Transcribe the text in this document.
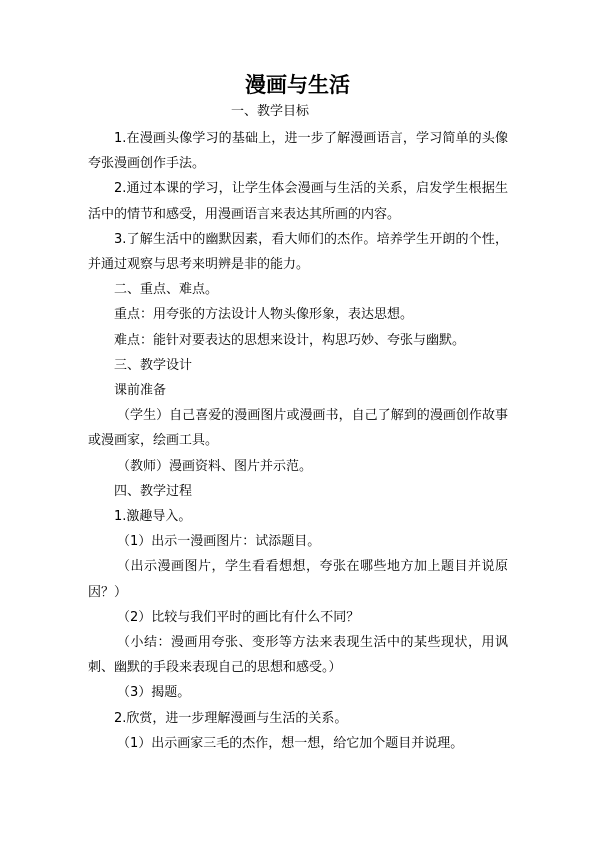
漫画与生活
一、教学目标

1.在漫画头像学习的基础上，进一步了解漫画语言，学习简单的头像夸张漫画创作手法。

2.通过本课的学习，让学生体会漫画与生活的关系，启发学生根据生活中的情节和感受，用漫画语言来表达其所画的内容。

3.了解生活中的幽默因素，看大师们的杰作。培养学生开朗的个性，并通过观察与思考来明辨是非的能力。

二、重点、难点。

重点：用夸张的方法设计人物头像形象，表达思想。

难点：能针对要表达的思想来设计，构思巧妙、夸张与幽默。

三、教学设计

课前准备

（学生）自己喜爱的漫画图片或漫画书，自己了解到的漫画创作故事或漫画家，绘画工具。

（教师）漫画资料、图片并示范。

四、教学过程

1.激趣导入。

（1）出示一漫画图片：试添题目。

（出示漫画图片，学生看看想想，夸张在哪些地方加上题目并说原因？）

（2）比较与我们平时的画比有什么不同？

（小结：漫画用夸张、变形等方法来表现生活中的某些现状，用讽刺、幽默的手段来表现自己的思想和感受。）

（3）揭题。

2.欣赏，进一步理解漫画与生活的关系。

（1）出示画家三毛的杰作，想一想，给它加个题目并说理。
